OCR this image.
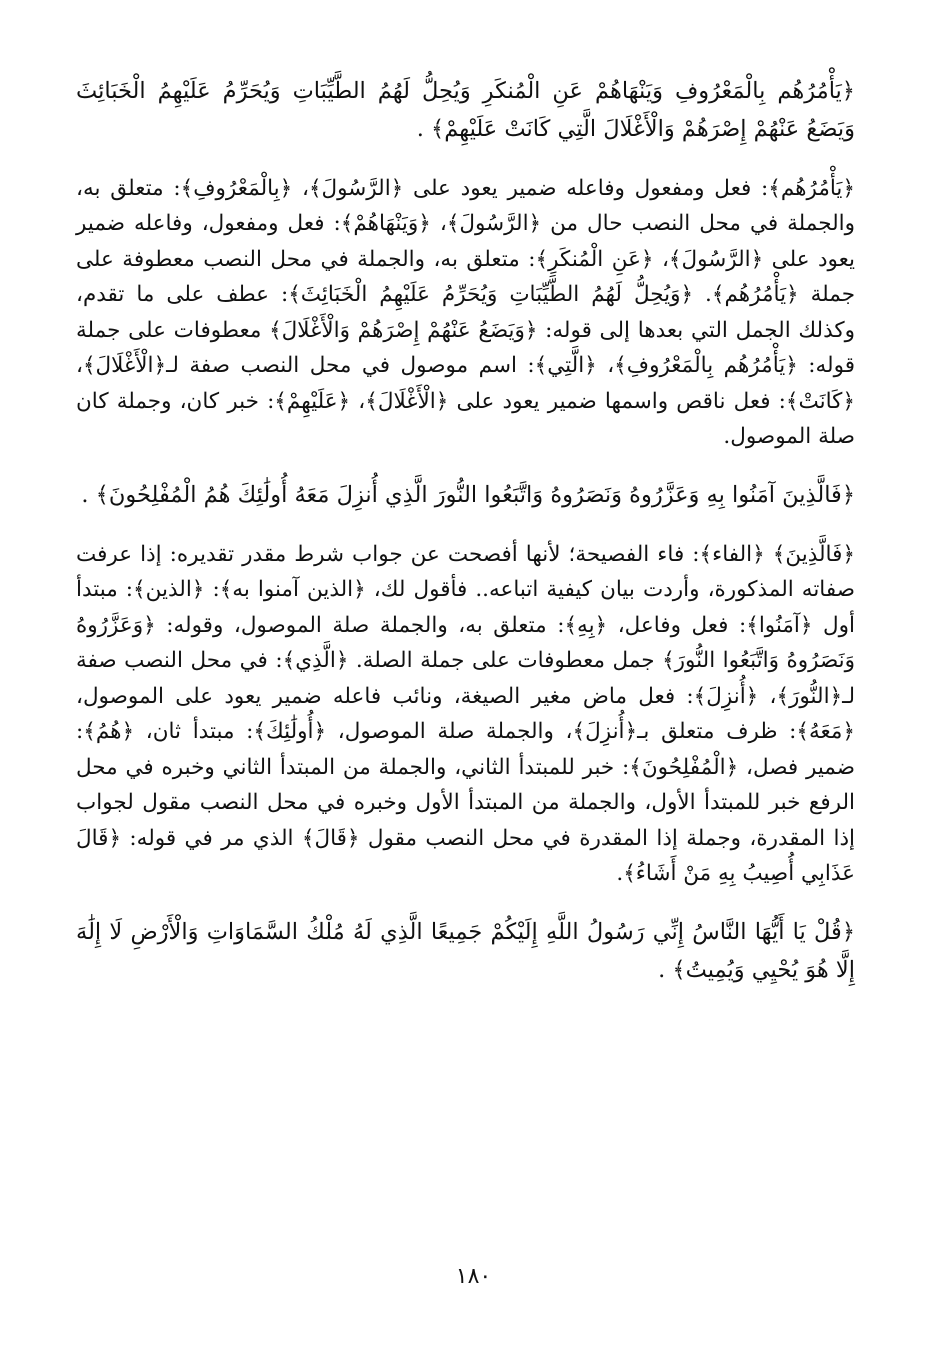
﴿يَأْمُرُهُم بِالْمَعْرُوفِ وَيَنْهَاهُمْ عَنِ الْمُنكَرِ وَيُحِلُّ لَهُمُ الطَّيِّبَاتِ وَيُحَرِّمُ عَلَيْهِمُ الْخَبَائِثَ وَيَضَعُ عَنْهُمْ إِصْرَهُمْ وَالْأَغْلَالَ الَّتِي كَانَتْ عَلَيْهِمْ﴾ .

﴿يَأْمُرُهُم﴾: فعل ومفعول وفاعله ضمير يعود على ﴿الرَّسُولَ﴾، ﴿بِالْمَعْرُوفِ﴾: متعلق به، والجملة في محل النصب حال من ﴿الرَّسُولَ﴾، ﴿وَيَنْهَاهُمْ﴾: فعل ومفعول، وفاعله ضمير يعود على ﴿الرَّسُولَ﴾، ﴿عَنِ الْمُنكَرِ﴾: متعلق به، والجملة في محل النصب معطوفة على جملة ﴿يَأْمُرُهُم﴾. ﴿وَيُحِلُّ لَهُمُ الطَّيِّبَاتِ وَيُحَرِّمُ عَلَيْهِمُ الْخَبَائِثَ﴾: عطف على ما تقدم، وكذلك الجمل التي بعدها إلى قوله: ﴿وَيَضَعُ عَنْهُمْ إِصْرَهُمْ وَالْأَغْلَالَ﴾ معطوفات على جملة قوله: ﴿يَأْمُرُهُم بِالْمَعْرُوفِ﴾، ﴿الَّتِي﴾: اسم موصول في محل النصب صفة لـ﴿الْأَغْلَالَ﴾، ﴿كَانَتْ﴾: فعل ناقص واسمها ضمير يعود على ﴿الْأَغْلَالَ﴾، ﴿عَلَيْهِمْ﴾: خبر كان، وجملة كان صلة الموصول.

﴿فَالَّذِينَ آمَنُوا بِهِ وَعَزَّرُوهُ وَنَصَرُوهُ وَاتَّبَعُوا النُّورَ الَّذِي أُنزِلَ مَعَهُ أُولَٰئِكَ هُمُ الْمُفْلِحُونَ﴾ .

﴿فَالَّذِينَ﴾ ﴿الفاء﴾: فاء الفصيحة؛ لأنها أفصحت عن جواب شرط مقدر تقديره: إذا عرفت صفاته المذكورة، وأردت بيان كيفية اتباعه.. فأقول لك، ﴿الذين آمنوا به﴾: ﴿الذين﴾: مبتدأ أول ﴿آمَنُوا﴾: فعل وفاعل، ﴿بِهِ﴾: متعلق به، والجملة صلة الموصول، وقوله: ﴿وَعَزَّرُوهُ وَنَصَرُوهُ وَاتَّبَعُوا النُّورَ﴾ جمل معطوفات على جملة الصلة. ﴿الَّذِي﴾: في محل النصب صفة لـ﴿النُّورَ﴾، ﴿أُنزِلَ﴾: فعل ماض مغير الصيغة، ونائب فاعله ضمير يعود على الموصول، ﴿مَعَهُ﴾: ظرف متعلق بـ﴿أُنزِلَ﴾، والجملة صلة الموصول، ﴿أُولَٰئِكَ﴾: مبتدأ ثان، ﴿هُمُ﴾: ضمير فصل، ﴿الْمُفْلِحُونَ﴾: خبر للمبتدأ الثاني، والجملة من المبتدأ الثاني وخبره في محل الرفع خبر للمبتدأ الأول، والجملة من المبتدأ الأول وخبره في محل النصب مقول لجواب إذا المقدرة، وجملة إذا المقدرة في محل النصب مقول ﴿قَالَ﴾ الذي مر في قوله: ﴿قَالَ عَذَابِي أُصِيبُ بِهِ مَنْ أَشَاءُ﴾.

﴿قُلْ يَا أَيُّهَا النَّاسُ إِنِّي رَسُولُ اللَّهِ إِلَيْكُمْ جَمِيعًا الَّذِي لَهُ مُلْكُ السَّمَاوَاتِ وَالْأَرْضِ لَا إِلَٰهَ إِلَّا هُوَ يُحْيِي وَيُمِيتُ﴾ .

١٨٠
